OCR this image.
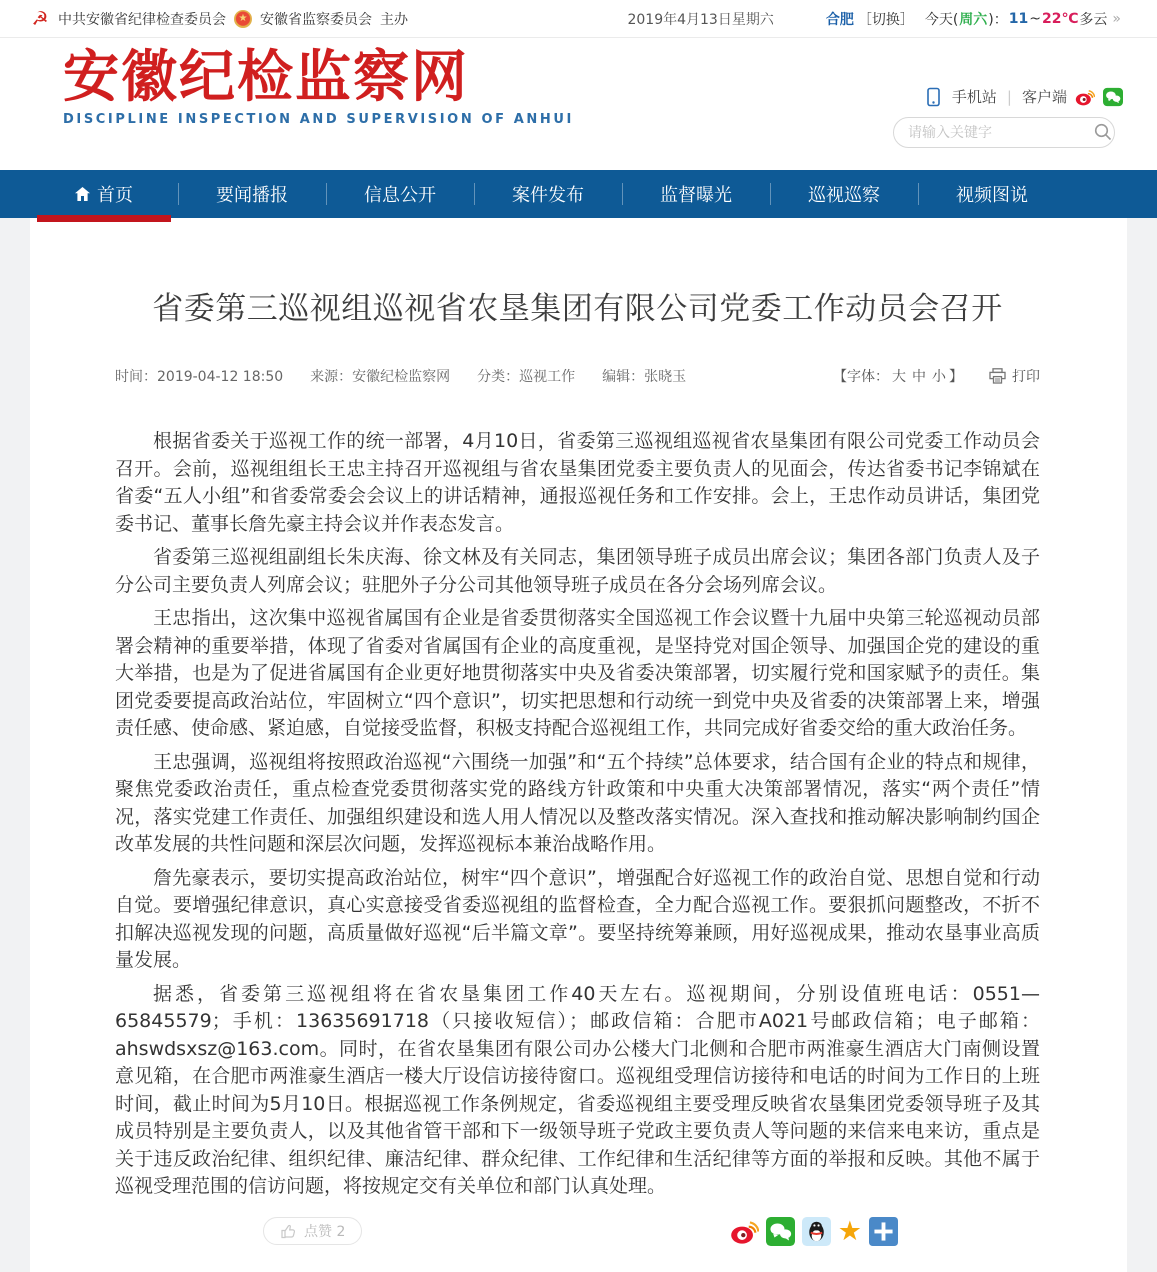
☭ 中共安徽省纪律检查委员会	★ 安徽省监察委员会 主办	2019年4月13日星期六	合肥 ［切换］ 今天( 周六 )： 11 ~ 22℃ 多云 »
安徽纪检监察网
DISCIPLINE INSPECTION AND SUPERVISION OF ANHUI
手机站 | 客户端
请输入关键字
首页	要闻播报	信息公开	案件发布	监督曝光	巡视巡察	视频图说
省委第三巡视组巡视省农垦集团有限公司党委工作动员会召开
时间：2019-04-12 18:50 来源：安徽纪检监察网 分类：巡视工作 编辑：张晓玉	【字体： 大 中 小 】	打印

根据省委关于巡视工作的统一部署，4月10日，省委第三巡视组巡视省农垦集团有限公司党委工作动员会召开。会前，巡视组组长王忠主持召开巡视组与省农垦集团党委主要负责人的见面会，传达省委书记李锦斌在省委“五人小组”和省委常委会会议上的讲话精神，通报巡视任务和工作安排。会上，王忠作动员讲话，集团党委书记、董事长詹先豪主持会议并作表态发言。

省委第三巡视组副组长朱庆海、徐文林及有关同志，集团领导班子成员出席会议；集团各部门负责人及子分公司主要负责人列席会议；驻肥外子分公司其他领导班子成员在各分会场列席会议。

王忠指出，这次集中巡视省属国有企业是省委贯彻落实全国巡视工作会议暨十九届中央第三轮巡视动员部署会精神的重要举措，体现了省委对省属国有企业的高度重视，是坚持党对国企领导、加强国企党的建设的重大举措，也是为了促进省属国有企业更好地贯彻落实中央及省委决策部署，切实履行党和国家赋予的责任。集团党委要提高政治站位，牢固树立“四个意识”，切实把思想和行动统一到党中央及省委的决策部署上来，增强责任感、使命感、紧迫感，自觉接受监督，积极支持配合巡视组工作，共同完成好省委交给的重大政治任务。

王忠强调，巡视组将按照政治巡视“六围绕一加强”和“五个持续”总体要求，结合国有企业的特点和规律，聚焦党委政治责任，重点检查党委贯彻落实党的路线方针政策和中央重大决策部署情况，落实“两个责任”情况，落实党建工作责任、加强组织建设和选人用人情况以及整改落实情况。深入查找和推动解决影响制约国企改革发展的共性问题和深层次问题，发挥巡视标本兼治战略作用。

詹先豪表示，要切实提高政治站位，树牢“四个意识”，增强配合好巡视工作的政治自觉、思想自觉和行动自觉。要增强纪律意识，真心实意接受省委巡视组的监督检查，全力配合巡视工作。要狠抓问题整改，不折不扣解决巡视发现的问题，高质量做好巡视“后半篇文章”。要坚持统筹兼顾，用好巡视成果，推动农垦事业高质量发展。

据悉，省委第三巡视组将在省农垦集团工作40天左右。巡视期间，分别设值班电话：0551—65845579；手机：13635691718（只接收短信）；邮政信箱：合肥市A021号邮政信箱；电子邮箱：ahswdsxsz@163.com。同时，在省农垦集团有限公司办公楼大门北侧和合肥市两淮豪生酒店大门南侧设置意见箱，在合肥市两淮豪生酒店一楼大厅设信访接待窗口。巡视组受理信访接待和电话的时间为工作日的上班时间，截止时间为5月10日。根据巡视工作条例规定，省委巡视组主要受理反映省农垦集团党委领导班子及其成员特别是主要负责人，以及其他省管干部和下一级领导班子党政主要负责人等问题的来信来电来访，重点是关于违反政治纪律、组织纪律、廉洁纪律、群众纪律、工作纪律和生活纪律等方面的举报和反映。其他不属于巡视受理范围的信访问题，将按规定交有关单位和部门认真处理。

点赞 2	★
